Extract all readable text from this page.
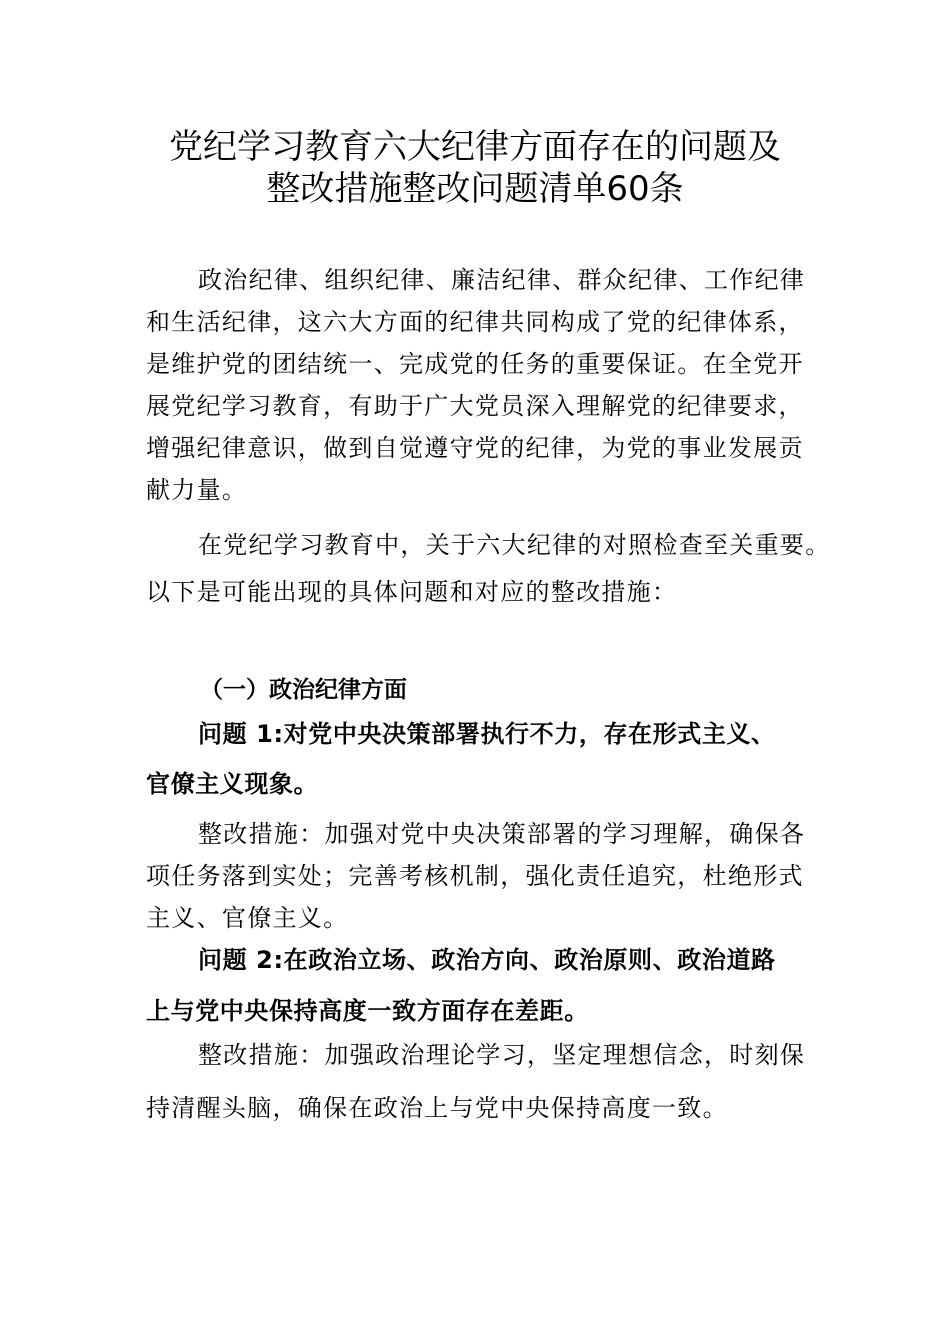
党纪学习教育六大纪律方面存在的问题及
整改措施整改问题清单60条
政治纪律、组织纪律、廉洁纪律、群众纪律、工作纪律
和生活纪律，这六大方面的纪律共同构成了党的纪律体系，
是维护党的团结统一、完成党的任务的重要保证。在全党开
展党纪学习教育，有助于广大党员深入理解党的纪律要求，
增强纪律意识，做到自觉遵守党的纪律，为党的事业发展贡
献力量。
在党纪学习教育中，关于六大纪律的对照检查至关重要。
以下是可能出现的具体问题和对应的整改措施：
（一）政治纪律方面
问题 1:对党中央决策部署执行不力，存在形式主义、
官僚主义现象。
整改措施：加强对党中央决策部署的学习理解，确保各
项任务落到实处；完善考核机制，强化责任追究，杜绝形式
主义、官僚主义。
问题 2:在政治立场、政治方向、政治原则、政治道路
上与党中央保持高度一致方面存在差距。
整改措施：加强政治理论学习，坚定理想信念，时刻保
持清醒头脑，确保在政治上与党中央保持高度一致。
